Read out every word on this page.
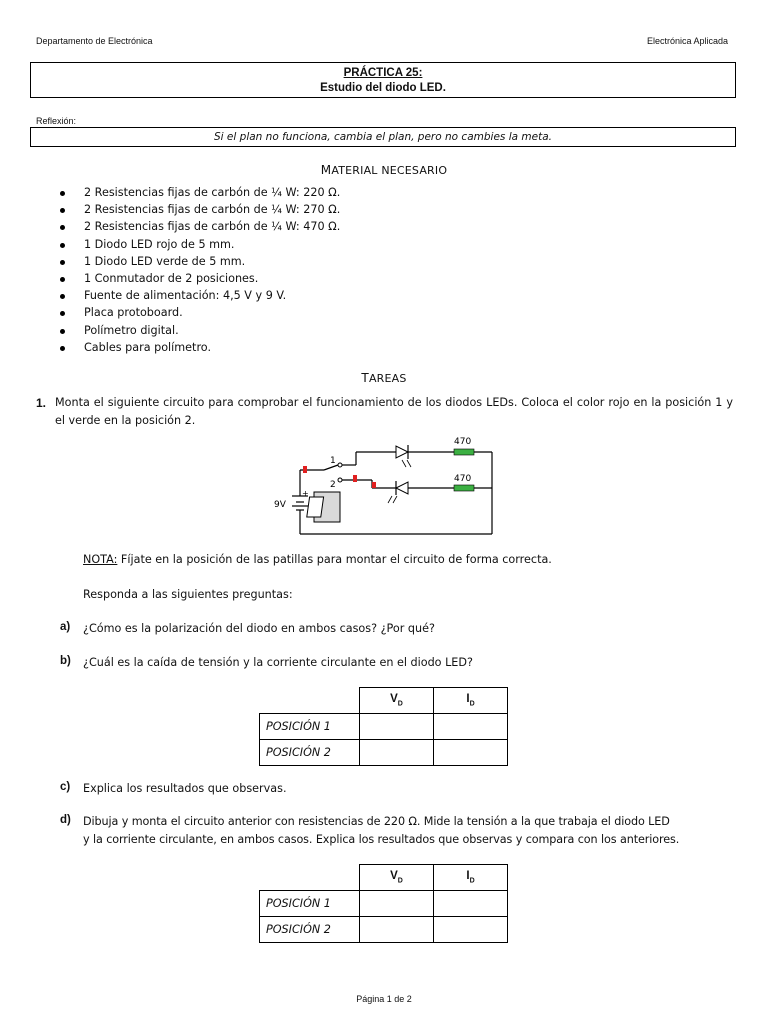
Departamento de Electrónica	Electrónica Aplicada
PRÁCTICA 25:
Estudio del diodo LED.
Reflexión:
Si el plan no funciona, cambia el plan, pero no cambies la meta.
MATERIAL NECESARIO
2 Resistencias fijas de carbón de ¼ W: 220 Ω.
2 Resistencias fijas de carbón de ¼ W: 270 Ω.
2 Resistencias fijas de carbón de ¼ W: 470 Ω.
1 Diodo LED rojo de 5 mm.
1 Diodo LED verde de 5 mm.
1 Conmutador de 2 posiciones.
Fuente de alimentación: 4,5 V y 9 V.
Placa protoboard.
Polímetro digital.
Cables para polímetro.
TAREAS
1. Monta el siguiente circuito para comprobar el funcionamiento de los diodos LEDs. Coloca el color rojo en la posición 1 y el verde en la posición 2.
1
2
9V
+
470
470
NOTA: Fíjate en la posición de las patillas para montar el circuito de forma correcta.
Responda a las siguientes preguntas:
a) ¿Cómo es la polarización del diodo en ambos casos? ¿Por qué?
b) ¿Cuál es la caída de tensión y la corriente circulante en el diodo LED?
	$V_D$	$I_D$
POSICIÓN 1		
POSICIÓN 2		
c) Explica los resultados que observas.
d) Dibuja y monta el circuito anterior con resistencias de 220 Ω. Mide la tensión a la que trabaja el diodo LED
y la corriente circulante, en ambos casos. Explica los resultados que observas y compara con los anteriores.
	$V_D$	$I_D$
POSICIÓN 1		
POSICIÓN 2		
Página 1 de 2
